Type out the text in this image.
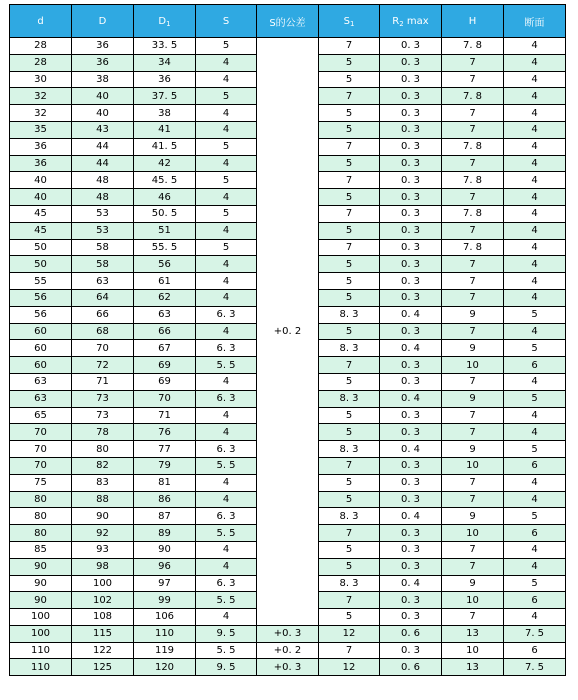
d	D	$D_1$	S	S的公差	$S_1$	$R_2$ max	H	断面
28	36	33. 5	5	+0. 2	7	0. 3	7. 8	4
28	36	34	4		5	0. 3	7	4
30	38	36	4		5	0. 3	7	4
32	40	37. 5	5		7	0. 3	7. 8	4
32	40	38	4		5	0. 3	7	4
35	43	41	4		5	0. 3	7	4
36	44	41. 5	5		7	0. 3	7. 8	4
36	44	42	4		5	0. 3	7	4
40	48	45. 5	5		7	0. 3	7. 8	4
40	48	46	4		5	0. 3	7	4
45	53	50. 5	5		7	0. 3	7. 8	4
45	53	51	4		5	0. 3	7	4
50	58	55. 5	5		7	0. 3	7. 8	4
50	58	56	4		5	0. 3	7	4
55	63	61	4		5	0. 3	7	4
56	64	62	4		5	0. 3	7	4
56	66	63	6. 3		8. 3	0. 4	9	5
60	68	66	4		5	0. 3	7	4
60	70	67	6. 3		8. 3	0. 4	9	5
60	72	69	5. 5		7	0. 3	10	6
63	71	69	4		5	0. 3	7	4
63	73	70	6. 3		8. 3	0. 4	9	5
65	73	71	4		5	0. 3	7	4
70	78	76	4		5	0. 3	7	4
70	80	77	6. 3		8. 3	0. 4	9	5
70	82	79	5. 5		7	0. 3	10	6
75	83	81	4		5	0. 3	7	4
80	88	86	4		5	0. 3	7	4
80	90	87	6. 3		8. 3	0. 4	9	5
80	92	89	5. 5		7	0. 3	10	6
85	93	90	4		5	0. 3	7	4
90	98	96	4		5	0. 3	7	4
90	100	97	6. 3		8. 3	0. 4	9	5
90	102	99	5. 5		7	0. 3	10	6
100	108	106	4		5	0. 3	7	4
100	115	110	9. 5	+0. 3	12	0. 6	13	7. 5
110	122	119	5. 5	+0. 2	7	0. 3	10	6
110	125	120	9. 5	+0. 3	12	0. 6	13	7. 5
